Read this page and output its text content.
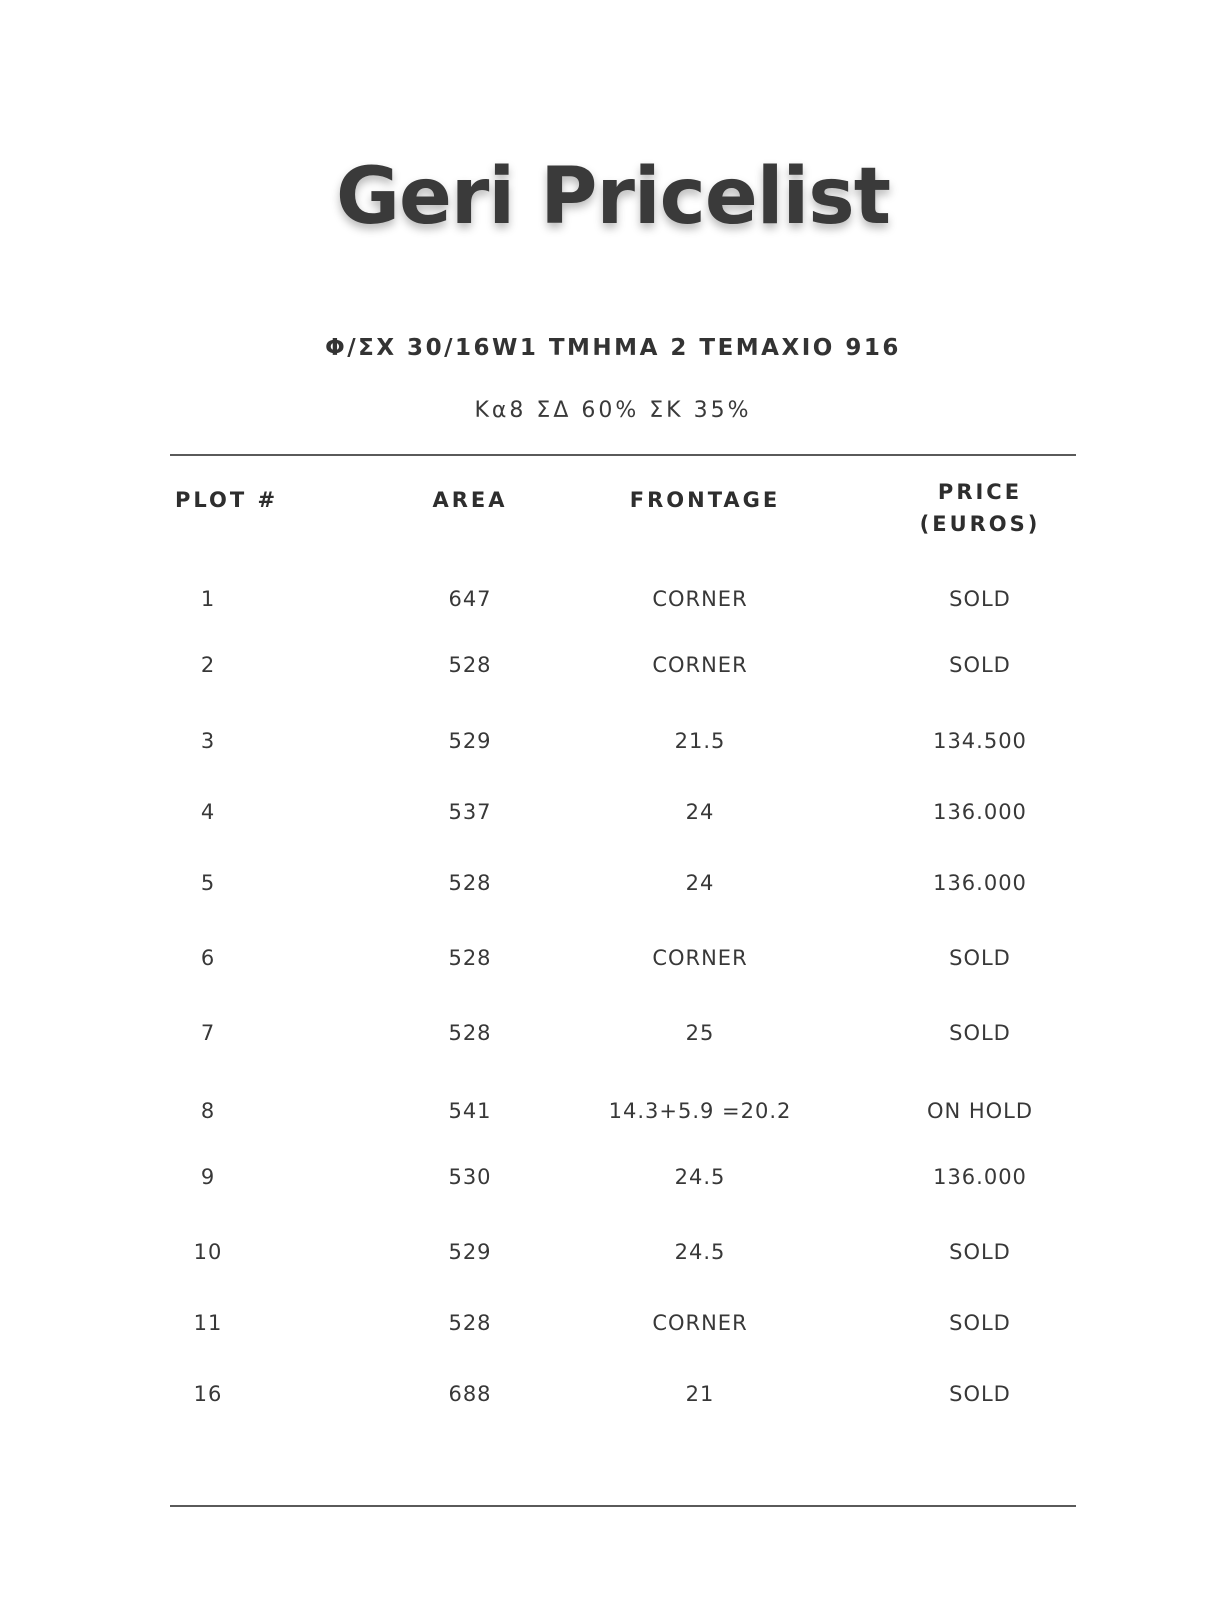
Geri Pricelist
Φ/ΣΧ 30/16W1 ΤΜΗΜΑ 2 ΤΕΜΑΧΙΟ 916
Κα8 ΣΔ 60% ΣΚ 35%
PLOT #	AREA	FRONTAGE	PRICE
(EUROS)
1	647	CORNER	SOLD
2	528	CORNER	SOLD
3	529	21.5	134.500
4	537	24	136.000
5	528	24	136.000
6	528	CORNER	SOLD
7	528	25	SOLD
8	541	14.3+5.9 =20.2	ON HOLD
9	530	24.5	136.000
10	529	24.5	SOLD
11	528	CORNER	SOLD
16	688	21	SOLD
